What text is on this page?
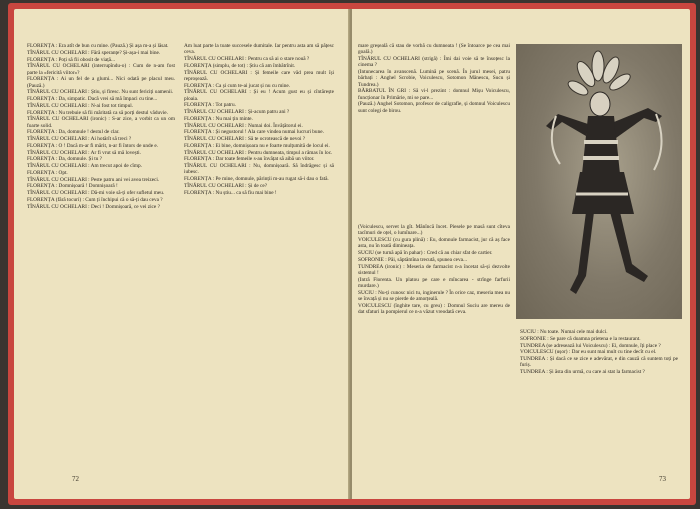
FLORENȚA : Era atît de bun cu mine. (Pauză.) Și așa m-a și lăsat.

TÎNĂRUL CU OCHELARI : Fără speranțe? Și-așa-i mai bine.

FLORENȚA : Poți să fii obosit de viață...

TÎNĂRUL CU OCHELARI (interrupîndu-o) : Cum de n-am fost parte la «fericită viitor»?

FLORENȚA : Ai un fel de a glumi... Nici odată pe placul meu. (Pauză.)

TÎNĂRUL CU OCHELARI : Știu, și firesc. Nu sunt fericiți oamenii.

FLORENȚA : Da, simpatic. Dacă vrei să mă împaci cu tine...

TÎNĂRUL CU OCHELARI : N-ai fost tot timpul.

FLORENȚA : Nu trebuie să fii măritată ca să porți destul văduvie.

TÎNĂRUL CU OCHELARI (ironic) : S-ar zice, a vorbit ca un om foarte solid.

FLORENȚA : Da, domnule ! destul de clar.

TÎNĂRUL CU OCHELARI : Ai hotărît să treci ?

FLORENȚA : O ! Dacă m-ar fi mărit, n-ar fi întors de unde e.

TÎNĂRUL CU OCHELARI : Ar fi vrut să mă lovești.

FLORENȚA : Da, domnule. Și tu ?

TÎNĂRUL CU OCHELARI : Am trecut apoi de cîmp.

FLORENȚA : Opt.

TÎNĂRUL CU OCHELARI : Peste patru ani vei avea treizeci.

FLORENȚA : Domnișoară ! Domnișoară !

TÎNĂRUL CU OCHELARI : Dă-mi voie să-ți ofer sufletul meu.

FLORENȚA (fără tocuri) : Cum ți închipui că o să-ți dau ceva ?

TÎNĂRUL CU OCHELARI : Deci ! Domnișoară, ce vei zice ?

Am luat parte la toate succesele dumitale. Iar pentru asta am să pățesc ceva.

TÎNĂRUL CU OCHELARI : Pentru ca să ai o stare nouă ?

FLORENȚA (simplu, de tot) : Știu că am îmbătrînit.

TÎNĂRUL CU OCHELARI : Și femeile care văd prea mult își reproșează.

FLORENȚA : Ca și cum te-ai jucat și nu cu mine.

TÎNĂRUL CU OCHELARI : Și eu ! Acum gust eu și cîntărește ploaia.

FLORENȚA : Tot patru.

TÎNĂRUL CU OCHELARI : Și-acum patru ani ?

FLORENȚA : Nu mai țin minte.

TÎNĂRUL CU OCHELARI : Numai doi. Învățătorul ei.

FLORENȚA : Și negustorul ! Ala care vindea numai lucruri bune.

TÎNĂRUL CU OCHELARI : Să te ocrotească de nevoi ?

FLORENȚA : Ei bine, domnișoara nu e foarte mulțumită de locul ei.

TÎNĂRUL CU OCHELARI : Pentru dumneata, timpul a rămas în loc.

FLORENȚA : Dar toate femeile s-au învățat să aibă un viitor.

TÎNĂRUL CU OCHELARI : Nu, domnișoară. Să îndrăgesc și să iubesc.

FLORENȚA : Pe mine, domnule, părinții m-au rugat să-i dau o fată.

TÎNĂRUL CU OCHELARI : Și de ce?

FLORENȚA : Nu știu... ca să fiu mai bine !

72

mare greșeală că stau de vorbă cu dumneata ! (Se întoarce pe cea mai goală.)

TÎNĂRUL CU OCHELARI (strigă) : Îmi dai voie să te însoțesc la cinema ?

(Intunecarea în avanscenă. Lumină pe scenă. În jurul mesei, patru bărbați : Anghel Scrobie, Voiculescu, Sotomon Mânescu, Sucu și Tundrea.)

BĂRBATUL ÎN GRI : Să vi-l prezint : domnul Mișu Voiculescu, funcționar în Primărie, mi se pare...

(Pauză.) Anghel Sotomon, profesor de caligrafie, și domnul Voiculescu sunt colegi de birou.

(Voiculescu, servet la gît. Mănîncă încet. Piesele pe masă sunt cîteva tacîmuri de oțel, o lumînare...)

VOICULESCU (cu gura plină) : Eu, domnule farmacist, jur că aș face asta, nu în toată dimineața.

SUCIU (se turnă apă în pahar) : Cred că au chiar sfat de cartier.

SOFRONIE : Păi, săptămîna trecută, spunea ceva...

TUNDREA (ironic) : Meseria de farmacist n-a încetat să-și dezvolte sistemul !

(Intră Florenta. Un platou pe care e mîncarea - strînge farfurii murdare.)

SUCIU : Nu-ți cunosc nici tu, inginerule ? În orice caz, meseria mea nu se învață și nu se pierde de amorțeală.

VOICULESCU (înghite tare, cu greu) : Domnul Suciu are mereu de dat sfaturi la pompierul ce n-a văzut vreodată ceva.

SUCIU : Nu toate. Numai cele mai dulci.

SOFRONIE : Se pare că doamna prietena e la restaurant.

TUNDREA (se adresează lui Voiculescu) : Ei, domnule, îți place ?

VOICULESCU (ușor) : Dar eu sunt mai mult cu tine decît cu el.

TUNDREA : Și dacă ce se zice e adevărat, e din cauză că suntem toți pe furiș.

TUNDREA : Și ăsta din urmă, cu care ai stat la farmacist ?

73
